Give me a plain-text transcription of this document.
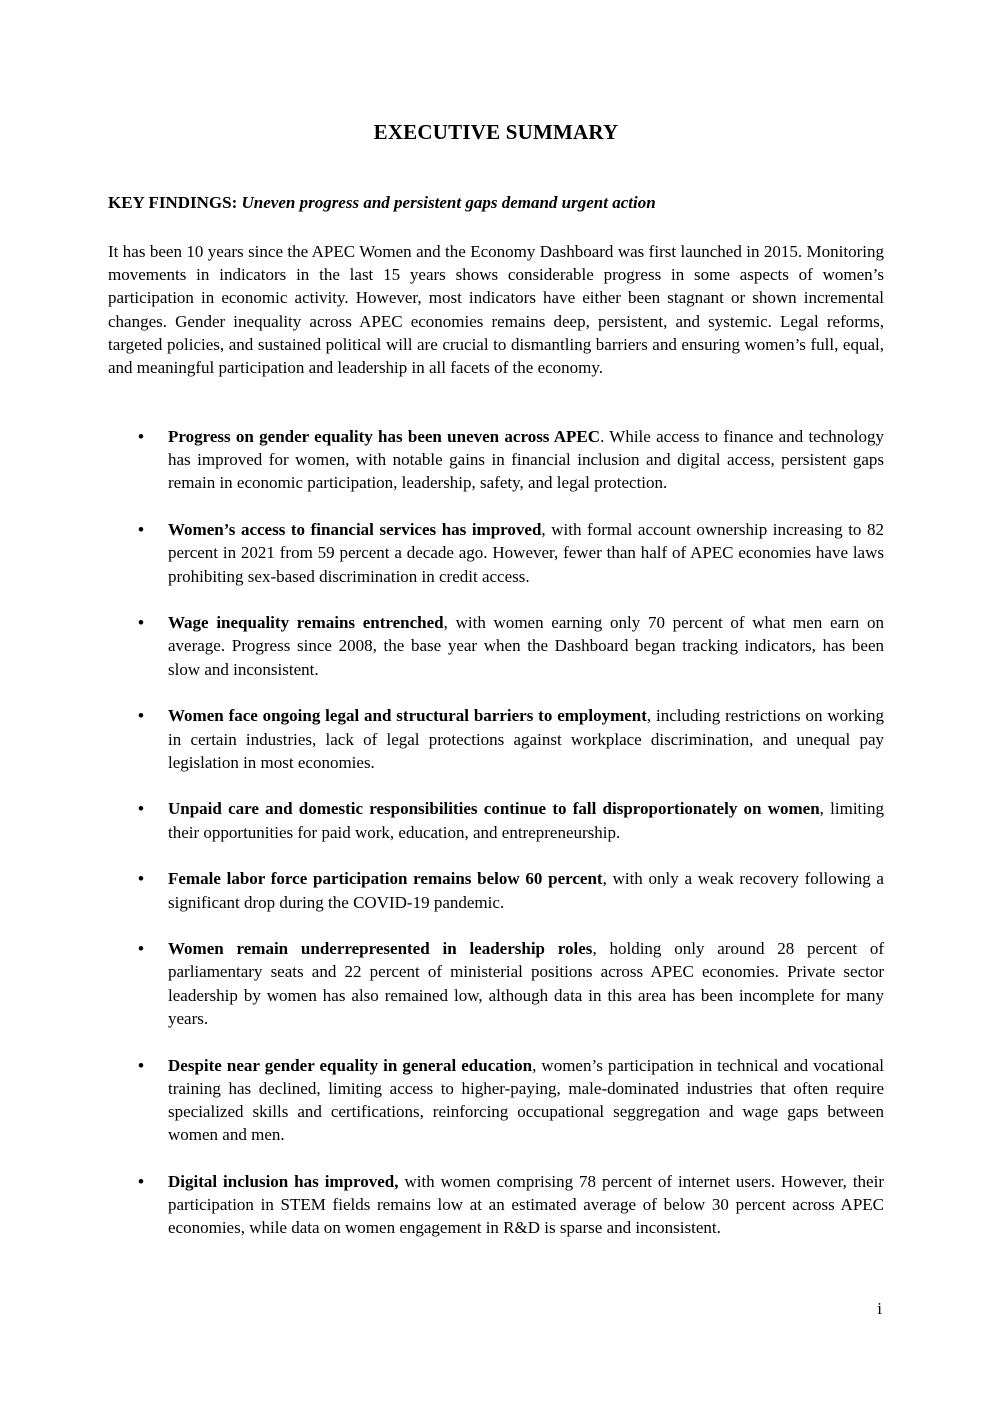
EXECUTIVE SUMMARY

KEY FINDINGS: Uneven progress and persistent gaps demand urgent action

It has been 10 years since the APEC Women and the Economy Dashboard was first launched in 2015. Monitoring movements in indicators in the last 15 years shows considerable progress in some aspects of women’s participation in economic activity. However, most indicators have either been stagnant or shown incremental changes. Gender inequality across APEC economies remains deep, persistent, and systemic. Legal reforms, targeted policies, and sustained political will are crucial to dismantling barriers and ensuring women’s full, equal, and meaningful participation and leadership in all facets of the economy.

• Progress on gender equality has been uneven across APEC. While access to finance and technology has improved for women, with notable gains in financial inclusion and digital access, persistent gaps remain in economic participation, leadership, safety, and legal protection.
• Women’s access to financial services has improved, with formal account ownership increasing to 82 percent in 2021 from 59 percent a decade ago. However, fewer than half of APEC economies have laws prohibiting sex-based discrimination in credit access.
• Wage inequality remains entrenched, with women earning only 70 percent of what men earn on average. Progress since 2008, the base year when the Dashboard began tracking indicators, has been slow and inconsistent.
• Women face ongoing legal and structural barriers to employment, including restrictions on working in certain industries, lack of legal protections against workplace discrimination, and unequal pay legislation in most economies.
• Unpaid care and domestic responsibilities continue to fall disproportionately on women, limiting their opportunities for paid work, education, and entrepreneurship.
• Female labor force participation remains below 60 percent, with only a weak recovery following a significant drop during the COVID-19 pandemic.
• Women remain underrepresented in leadership roles, holding only around 28 percent of parliamentary seats and 22 percent of ministerial positions across APEC economies. Private sector leadership by women has also remained low, although data in this area has been incomplete for many years.
• Despite near gender equality in general education, women’s participation in technical and vocational training has declined, limiting access to higher-paying, male-dominated industries that often require specialized skills and certifications, reinforcing occupational seggregation and wage gaps between women and men.
• Digital inclusion has improved, with women comprising 78 percent of internet users. However, their participation in STEM fields remains low at an estimated average of below 30 percent across APEC economies, while data on women engagement in R&D is sparse and inconsistent.

i
